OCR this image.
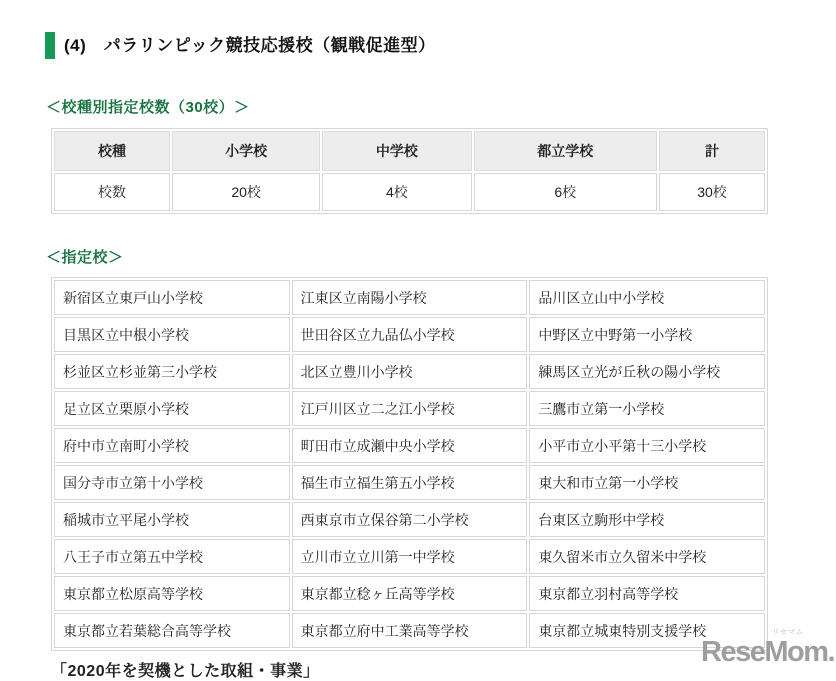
(4)　パラリンピック競技応援校（観戦促進型）
＜校種別指定校数（30校）＞
校種	小学校	中学校	都立学校	計
校数	20校	4校	6校	30校
＜指定校＞
新宿区立東戸山小学校	江東区立南陽小学校	品川区立山中小学校
目黒区立中根小学校	世田谷区立九品仏小学校	中野区立中野第一小学校
杉並区立杉並第三小学校	北区立豊川小学校	練馬区立光が丘秋の陽小学校
足立区立栗原小学校	江戸川区立二之江小学校	三鷹市立第一小学校
府中市立南町小学校	町田市立成瀬中央小学校	小平市立小平第十三小学校
国分寺市立第十小学校	福生市立福生第五小学校	東大和市立第一小学校
稲城市立平尾小学校	西東京市立保谷第二小学校	台東区立駒形中学校
八王子市立第五中学校	立川市立立川第一中学校	東久留米市立久留米中学校
東京都立松原高等学校	東京都立稔ヶ丘高等学校	東京都立羽村高等学校
東京都立若葉総合高等学校	東京都立府中工業高等学校	東京都立城東特別支援学校
「2020年を契機とした取組・事業」
リセマム
ReseMom.
